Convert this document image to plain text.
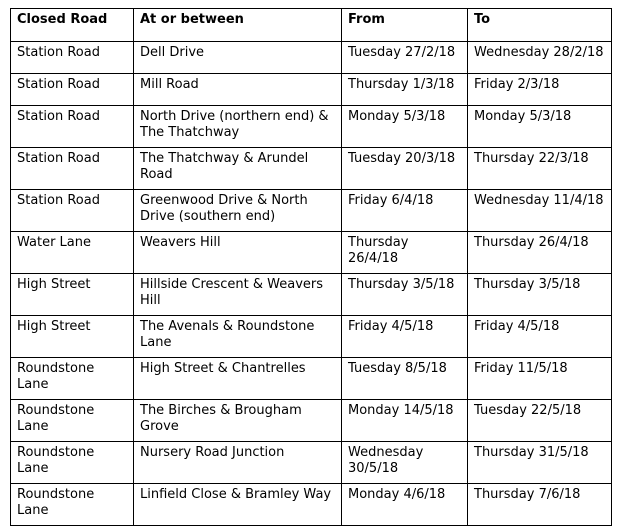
Closed Road	At or between	From	To
Station Road	Dell Drive	Tuesday 27/2/18	Wednesday 28/2/18
Station Road	Mill Road	Thursday 1/3/18	Friday 2/3/18
Station Road	North Drive (northern end) & The Thatchway	Monday 5/3/18	Monday 5/3/18
Station Road	The Thatchway & Arundel Road	Tuesday 20/3/18	Thursday 22/3/18
Station Road	Greenwood Drive & North Drive (southern end)	Friday 6/4/18	Wednesday 11/4/18
Water Lane	Weavers Hill	Thursday 26/4/18	Thursday 26/4/18
High Street	Hillside Crescent & Weavers Hill	Thursday 3/5/18	Thursday 3/5/18
High Street	The Avenals & Roundstone Lane	Friday 4/5/18	Friday 4/5/18
Roundstone Lane	High Street & Chantrelles	Tuesday 8/5/18	Friday 11/5/18
Roundstone Lane	The Birches & Brougham Grove	Monday 14/5/18	Tuesday 22/5/18
Roundstone Lane	Nursery Road Junction	Wednesday 30/5/18	Thursday 31/5/18
Roundstone Lane	Linfield Close & Bramley Way	Monday 4/6/18	Thursday 7/6/18
